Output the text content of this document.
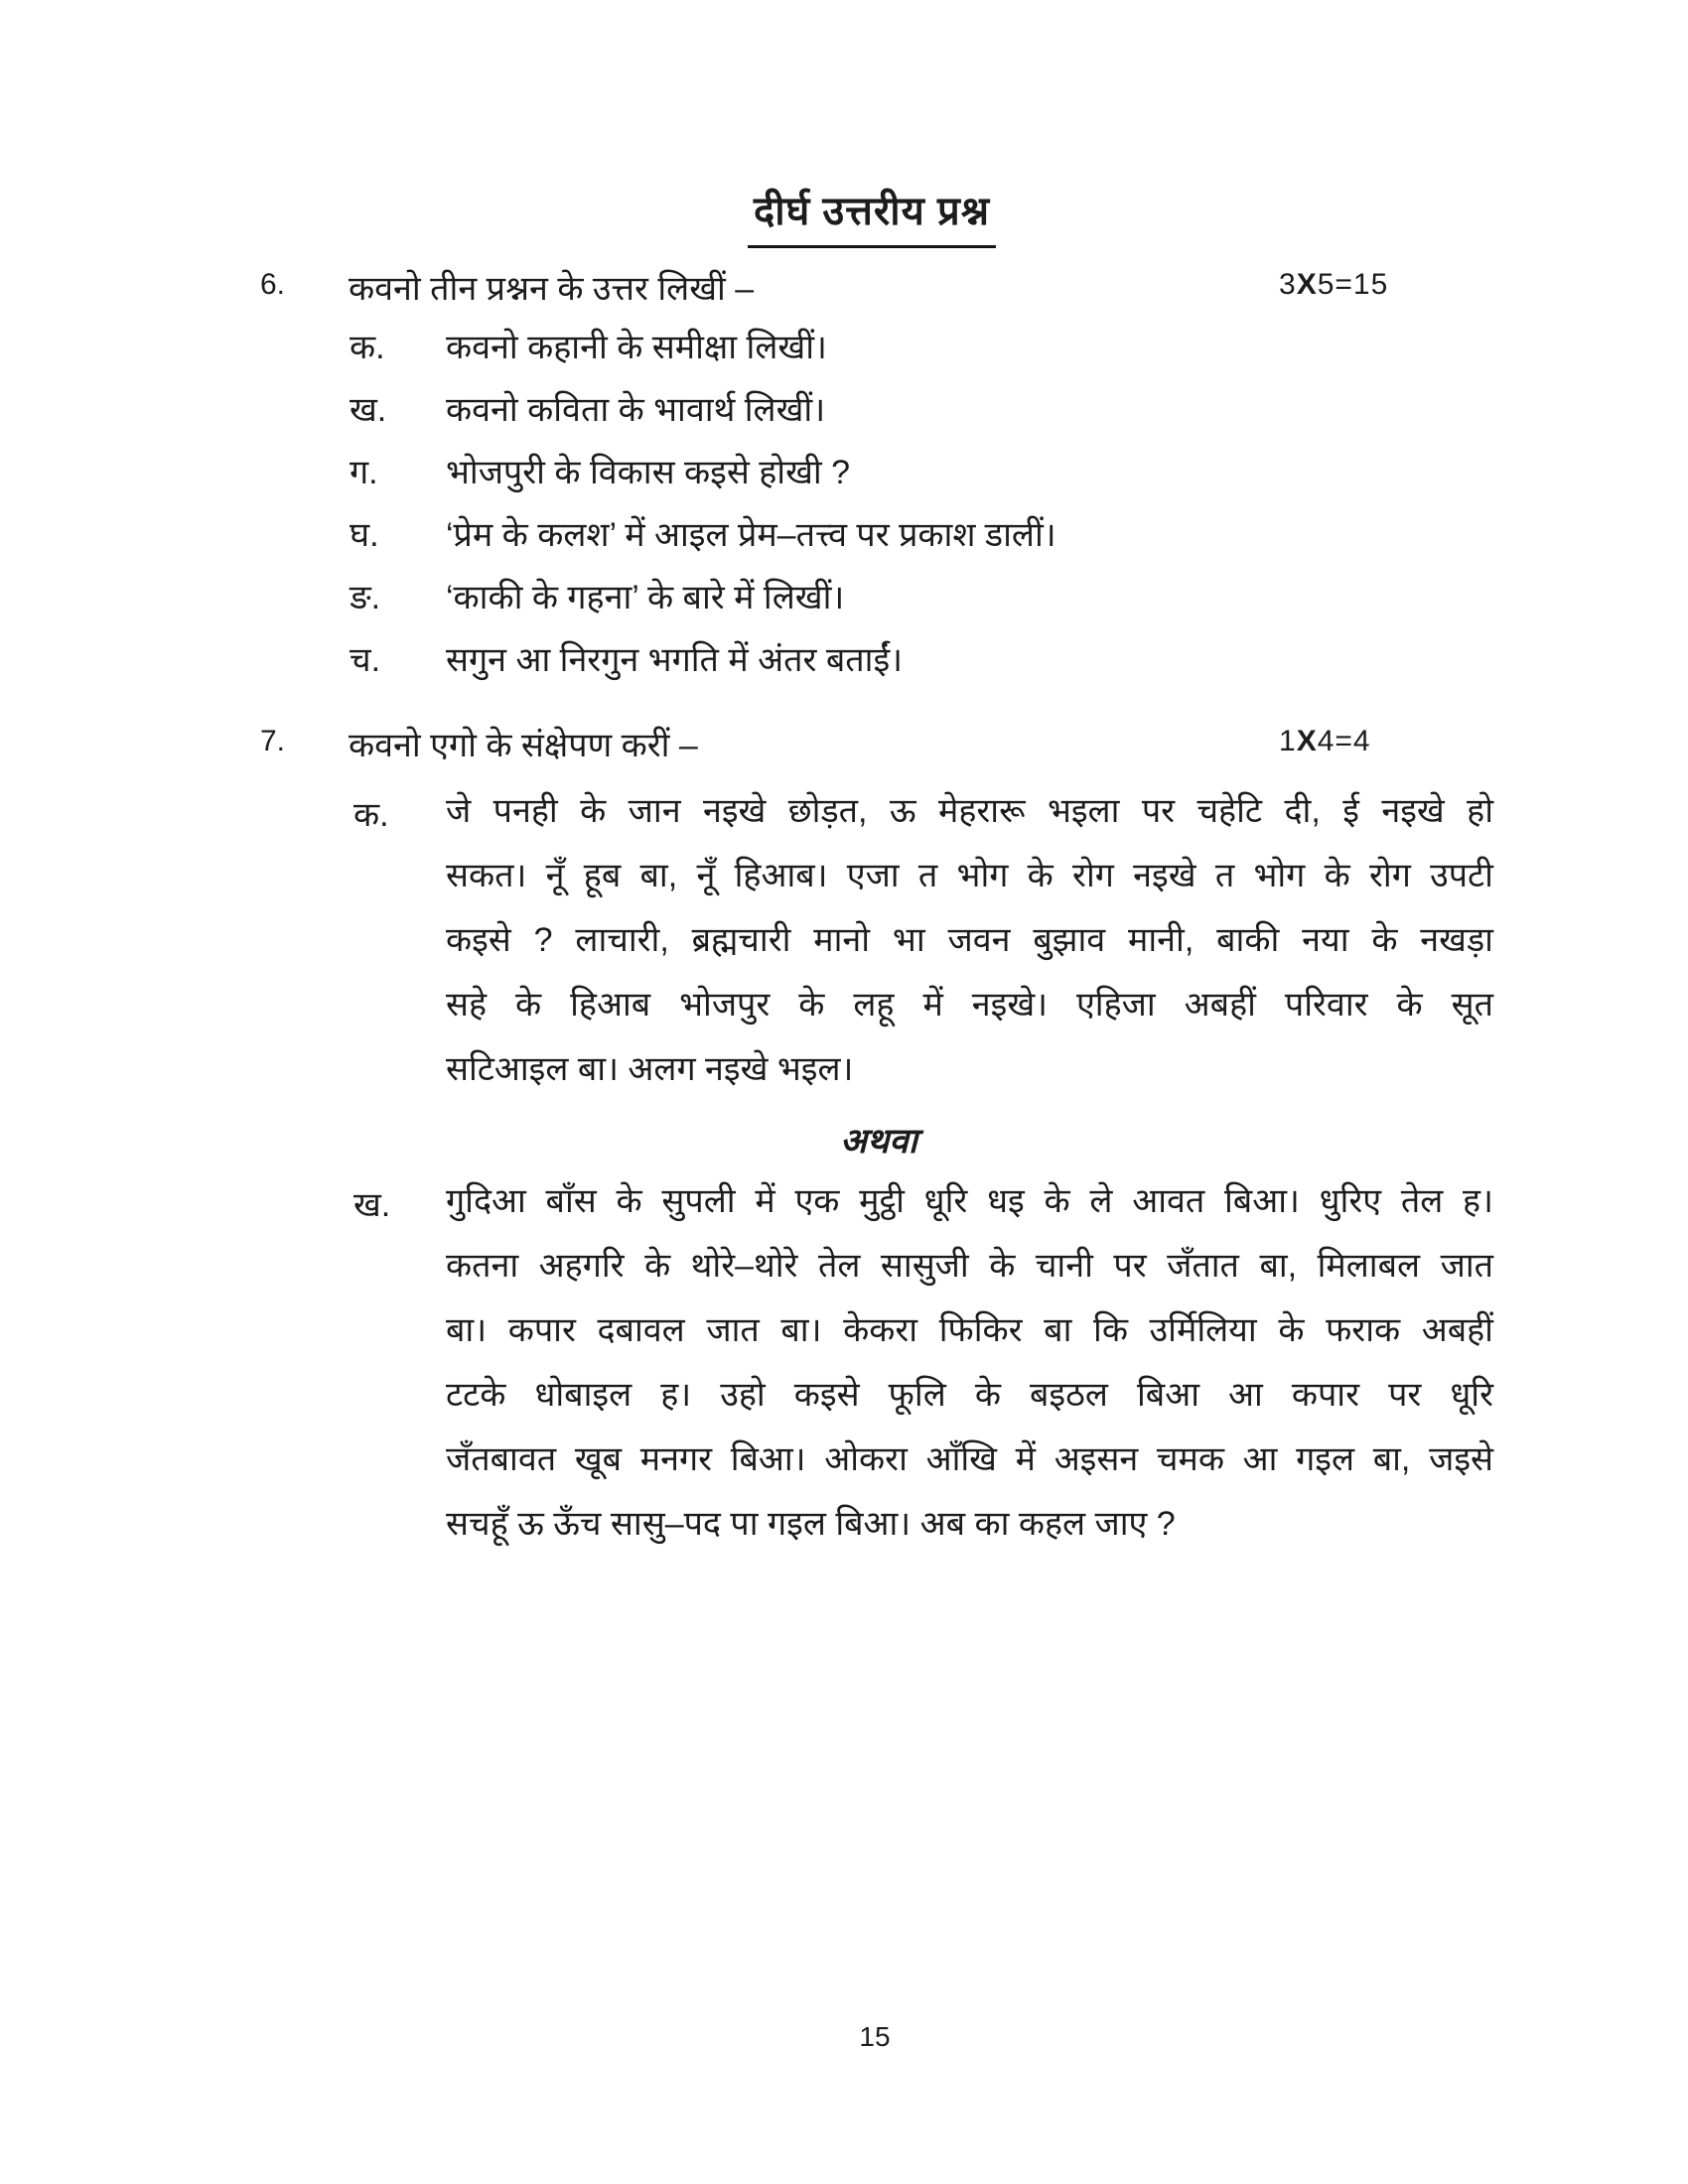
दीर्घ उत्तरीय प्रश्न
6. कवनो तीन प्रश्नन के उत्तर लिखीं –	3X5=15
क. कवनो कहानी के समीक्षा लिखीं।
ख. कवनो कविता के भावार्थ लिखीं।
ग. भोजपुरी के विकास कइसे होखी ?
घ. ‘प्रेम के कलश’ में आइल प्रेम–तत्त्व पर प्रकाश डालीं।
ङ. ‘काकी के गहना’ के बारे में लिखीं।
च. सगुन आ निरगुन भगति में अंतर बताईं।
7. कवनो एगो के संक्षेपण करीं –	1X4=4
क. जे पनही के जान नइखे छोड़त, ऊ मेहरारू भइला पर चहेटि दी, ई नइखे हो
सकत। नूँ हूब बा, नूँ हिआब। एजा त भोग के रोग नइखे त भोग के रोग उपटी
कइसे ? लाचारी, ब्रह्मचारी मानो भा जवन बुझाव मानी, बाकी नया के नखड़ा
सहे के हिआब भोजपुर के लहू में नइखे। एहिजा अबहीं परिवार के सूत
सटिआइल बा। अलग नइखे भइल।
अथवा
ख. गुदिआ बाँस के सुपली में एक मुट्ठी धूरि धइ के ले आवत बिआ। धुरिए तेल ह।
कतना अहगरि के थोरे–थोरे तेल सासुजी के चानी पर जँतात बा, मिलाबल जात
बा। कपार दबावल जात बा। केकरा फिकिर बा कि उर्मिलिया के फराक अबहीं
टटके धोबाइल ह। उहो कइसे फूलि के बइठल बिआ आ कपार पर धूरि
जँतबावत खूब मनगर बिआ। ओकरा आँखि में अइसन चमक आ गइल बा, जइसे
सचहूँ ऊ ऊँच सासु–पद पा गइल बिआ। अब का कहल जाए ?
15
